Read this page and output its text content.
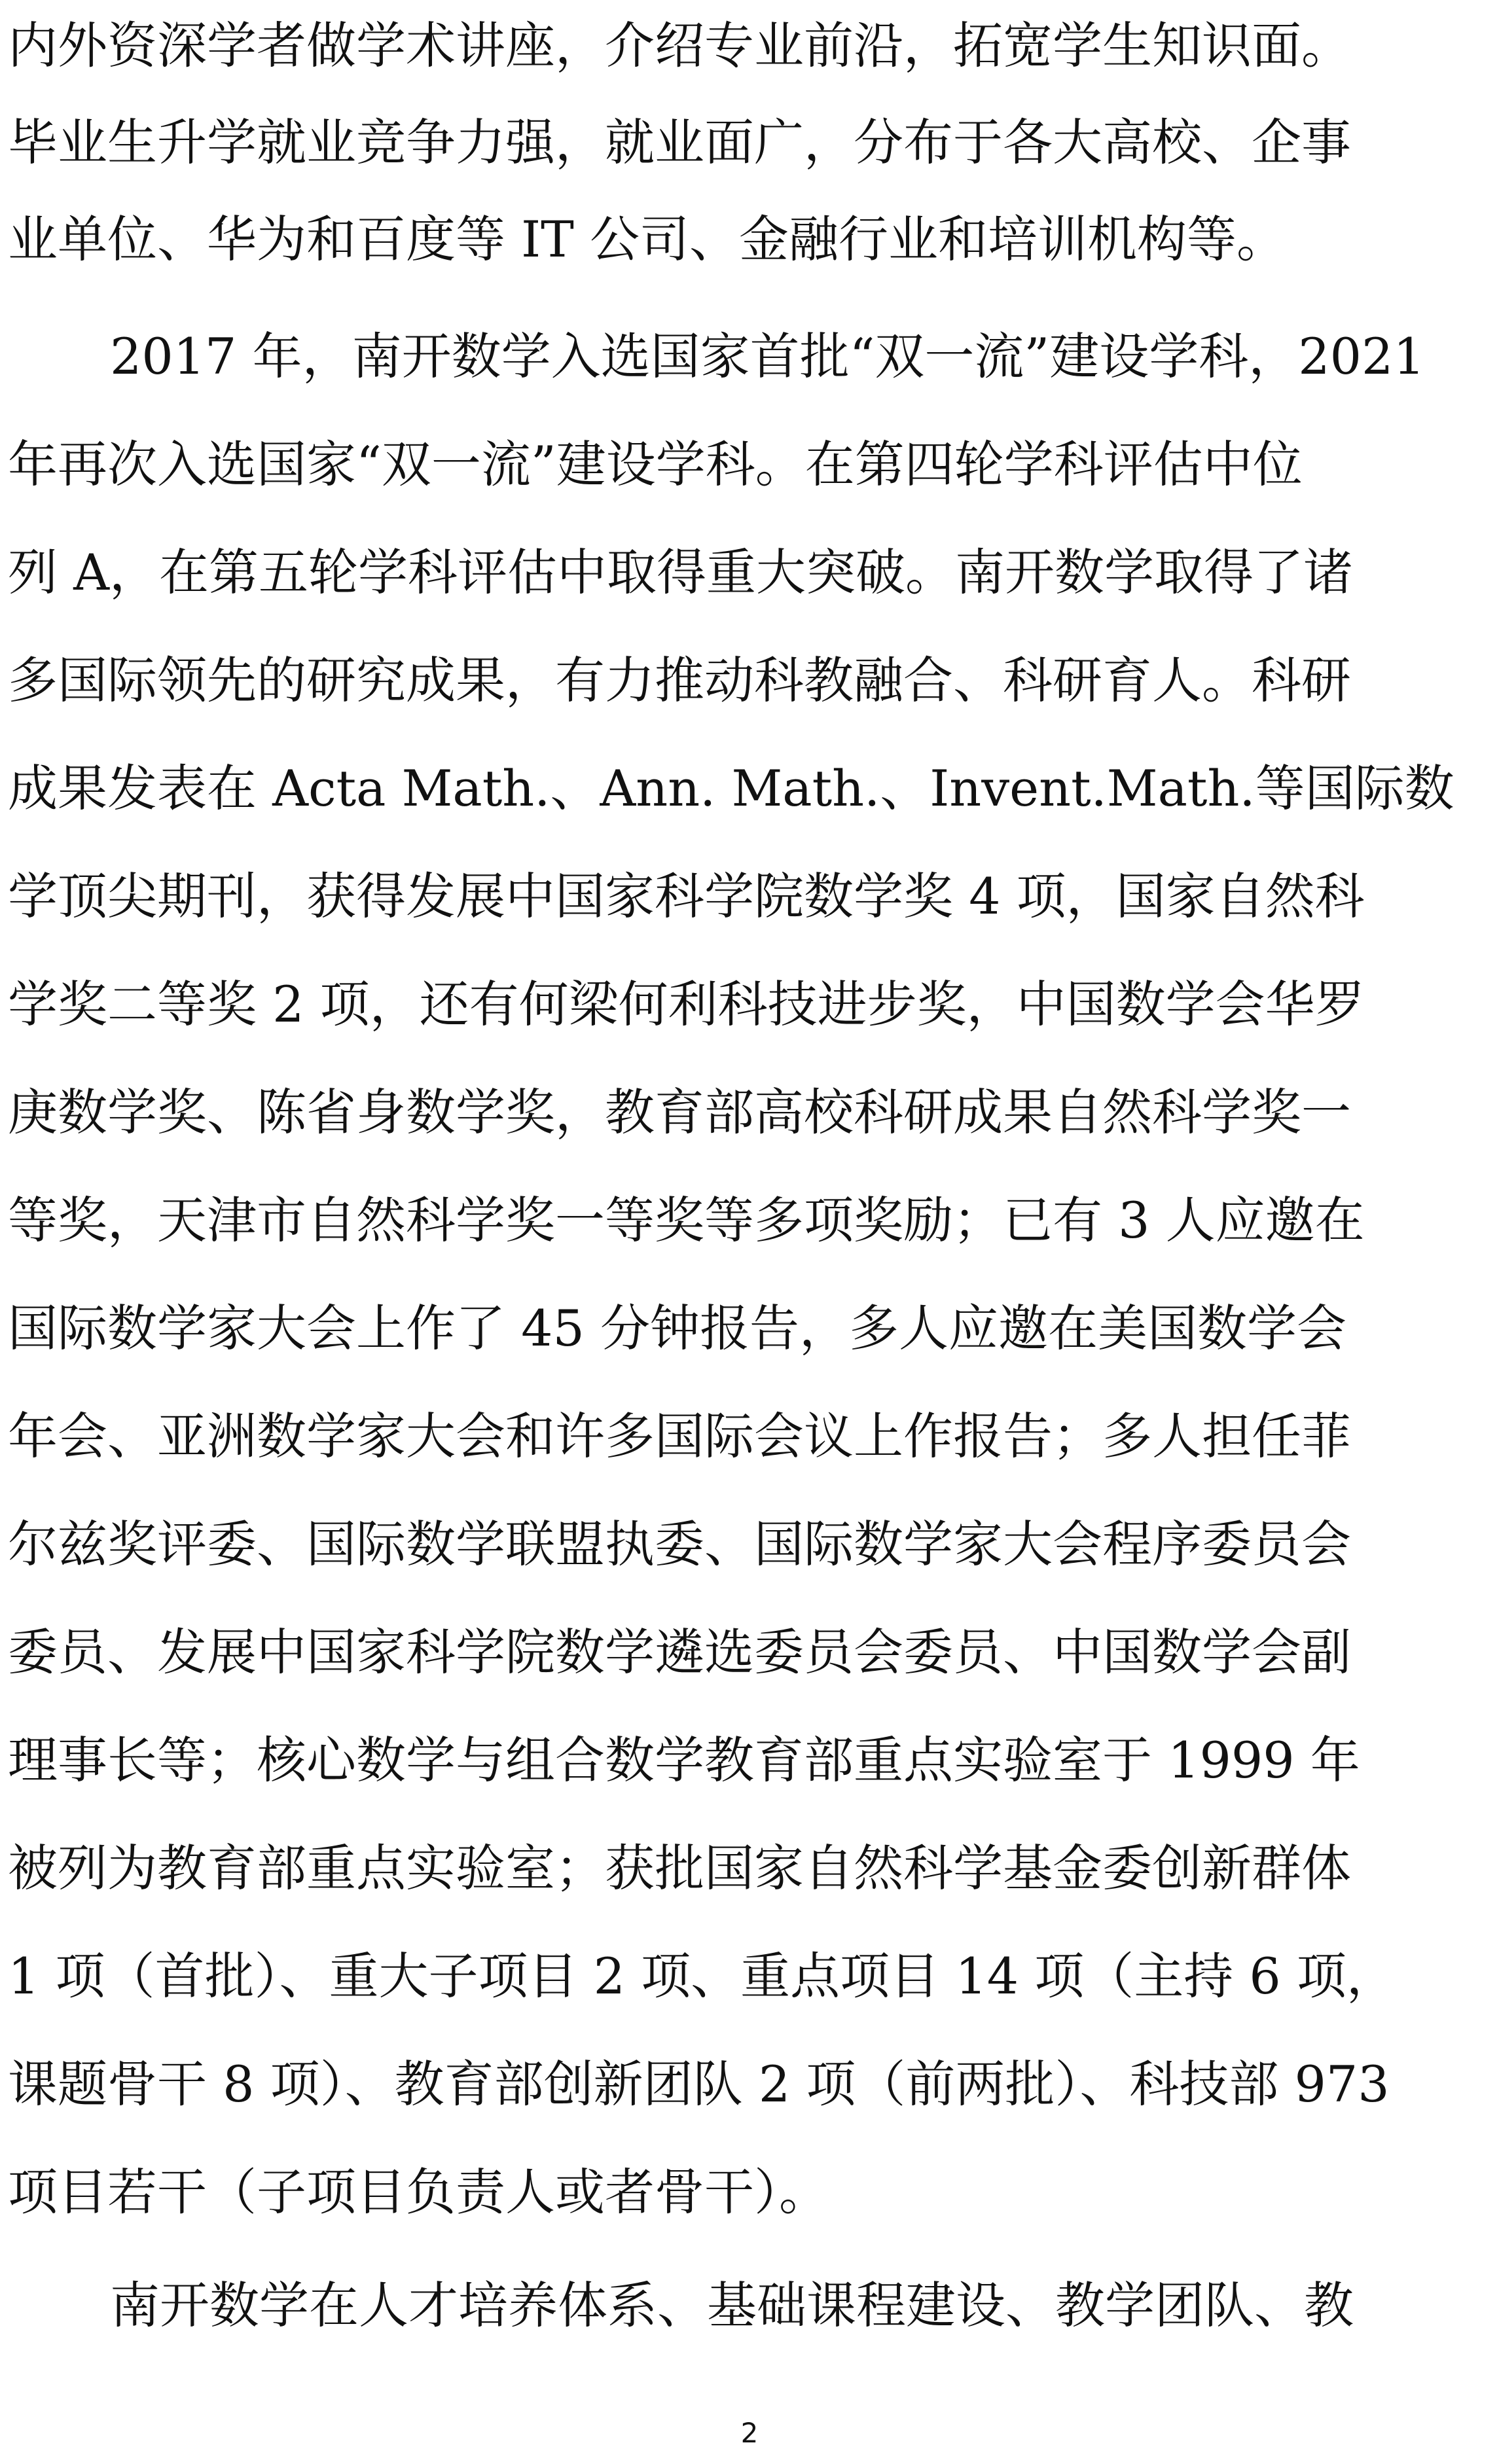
内外资深学者做学术讲座，介绍专业前沿，拓宽学生知识面。
毕业生升学就业竞争力强，就业面广，分布于各大高校、企事
业单位、华为和百度等 IT 公司、金融行业和培训机构等。
2017 年，南开数学入选国家首批“双一流”建设学科，2021
年再次入选国家“双一流”建设学科。在第四轮学科评估中位
列 A，在第五轮学科评估中取得重大突破。南开数学取得了诸
多国际领先的研究成果，有力推动科教融合、科研育人。科研
成果发表在 Acta Math.、Ann. Math.、Invent.Math.等国际数
学顶尖期刊，获得发展中国家科学院数学奖 4 项，国家自然科
学奖二等奖 2 项，还有何梁何利科技进步奖，中国数学会华罗
庚数学奖、陈省身数学奖，教育部高校科研成果自然科学奖一
等奖，天津市自然科学奖一等奖等多项奖励；已有 3 人应邀在
国际数学家大会上作了 45 分钟报告，多人应邀在美国数学会
年会、亚洲数学家大会和许多国际会议上作报告；多人担任菲
尔兹奖评委、国际数学联盟执委、国际数学家大会程序委员会
委员、发展中国家科学院数学遴选委员会委员、中国数学会副
理事长等；核心数学与组合数学教育部重点实验室于 1999 年
被列为教育部重点实验室；获批国家自然科学基金委创新群体
1 项（首批）、重大子项目 2 项、重点项目 14 项（主持 6 项，
课题骨干 8 项）、教育部创新团队 2 项（前两批）、科技部 973
项目若干（子项目负责人或者骨干）。
南开数学在人才培养体系、基础课程建设、教学团队、教
2
